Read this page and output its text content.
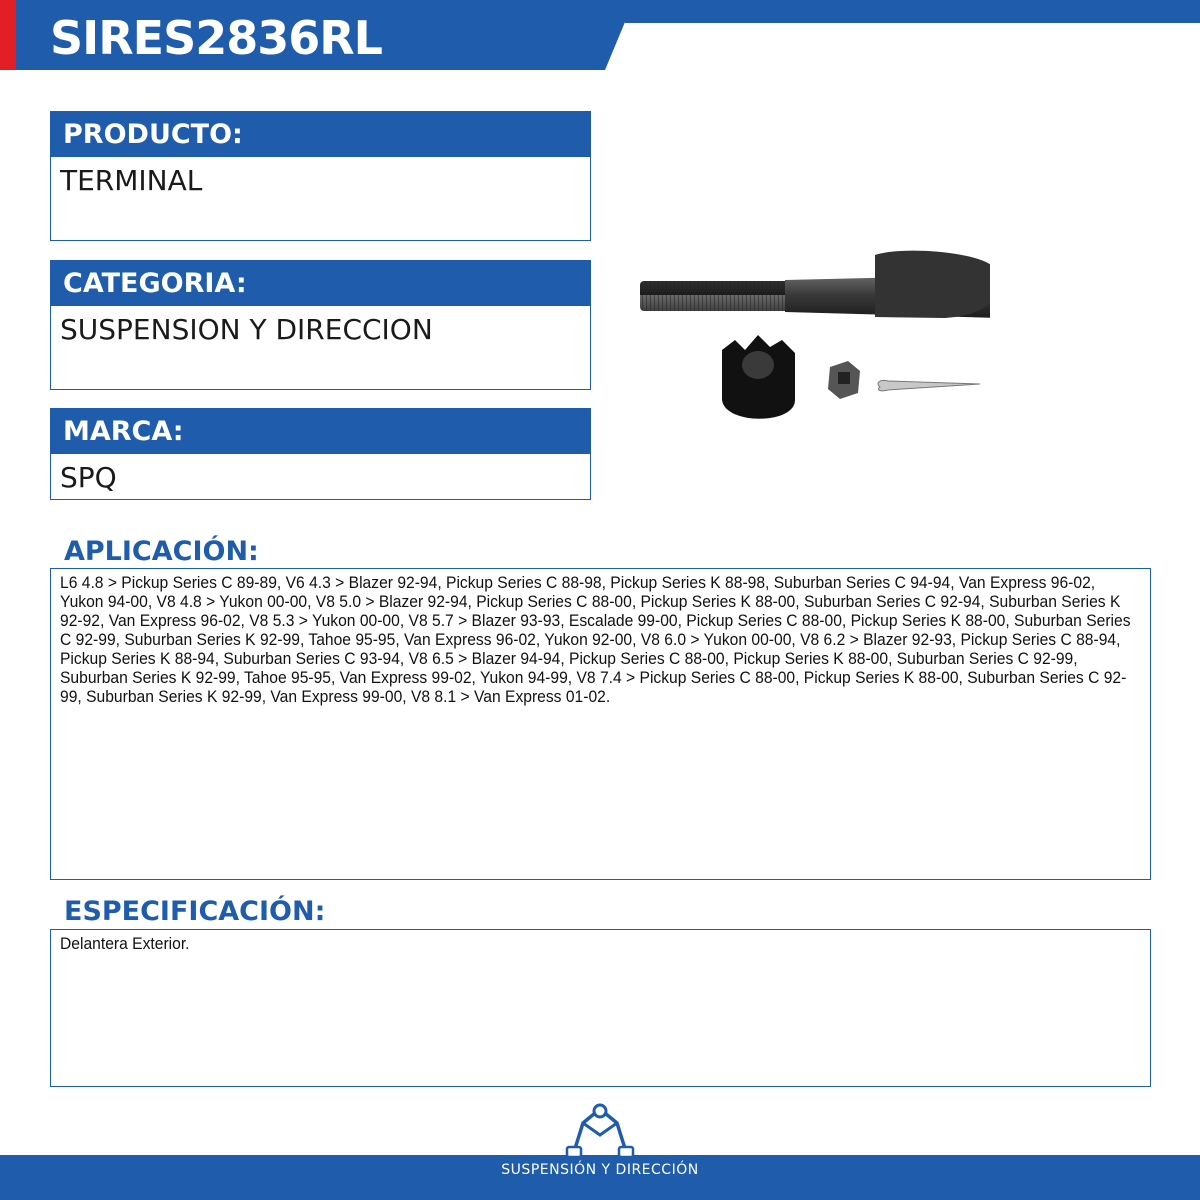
SIRES2836RL
PRODUCTO:
TERMINAL
CATEGORIA:
SUSPENSION Y DIRECCION
MARCA:
SPQ
APLICACIÓN:
L6 4.8 > Pickup Series C 89-89, V6 4.3 > Blazer 92-94, Pickup Series C 88-98, Pickup Series K 88-98, Suburban Series C 94-94, Van Express 96-02, Yukon 94-00, V8 4.8 > Yukon 00-00, V8 5.0 > Blazer 92-94, Pickup Series C 88-00, Pickup Series K 88-00, Suburban Series C 92-94, Suburban Series K 92-92, Van Express 96-02, V8 5.3 > Yukon 00-00, V8 5.7 > Blazer 93-93, Escalade 99-00, Pickup Series C 88-00, Pickup Series K 88-00, Suburban Series C 92-99, Suburban Series K 92-99, Tahoe 95-95, Van Express 96-02, Yukon 92-00, V8 6.0 > Yukon 00-00, V8 6.2 > Blazer 92-93, Pickup Series C 88-94, Pickup Series K 88-94, Suburban Series C 93-94, V8 6.5 > Blazer 94-94, Pickup Series C 88-00, Pickup Series K 88-00, Suburban Series C 92-99, Suburban Series K 92-99, Tahoe 95-95, Van Express 99-02, Yukon 94-99, V8 7.4 > Pickup Series C 88-00, Pickup Series K 88-00, Suburban Series C 92-99, Suburban Series K 92-99, Van Express 99-00, V8 8.1 > Van Express 01-02.
ESPECIFICACIÓN:
Delantera Exterior.
SUSPENSIÓN Y DIRECCIÓN
